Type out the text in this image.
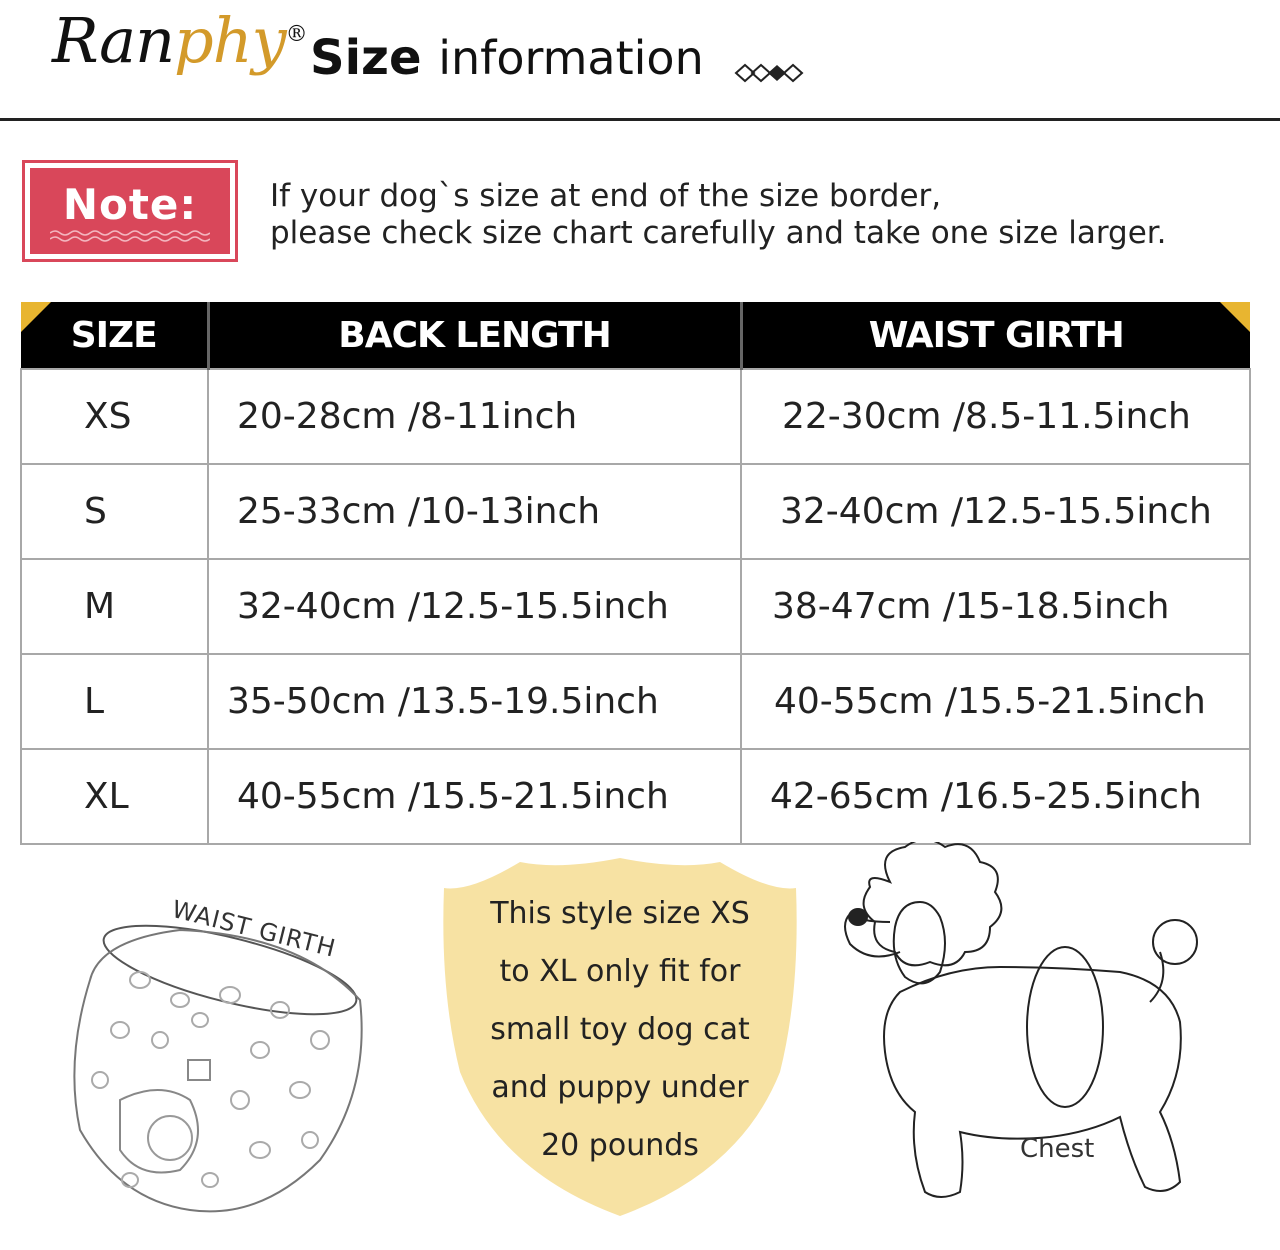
Ranphy® Size information
Note: If your dog`s size at end of the size border,
please check size chart carefully and take one size larger.
SIZE	BACK LENGTH	WAIST GIRTH

XS	20-28cm /8-11inch	22-30cm /8.5-11.5inch
S	25-33cm /10-13inch	32-40cm /12.5-15.5inch
M	32-40cm /12.5-15.5inch	38-47cm /15-18.5inch
L	35-50cm /13.5-19.5inch	40-55cm /15.5-21.5inch
XL	40-55cm /15.5-21.5inch	42-65cm /16.5-25.5inch
WAIST GIRTH	This style size XS
to XL only fit for
small toy dog cat
and puppy under
20 pounds	Chest
